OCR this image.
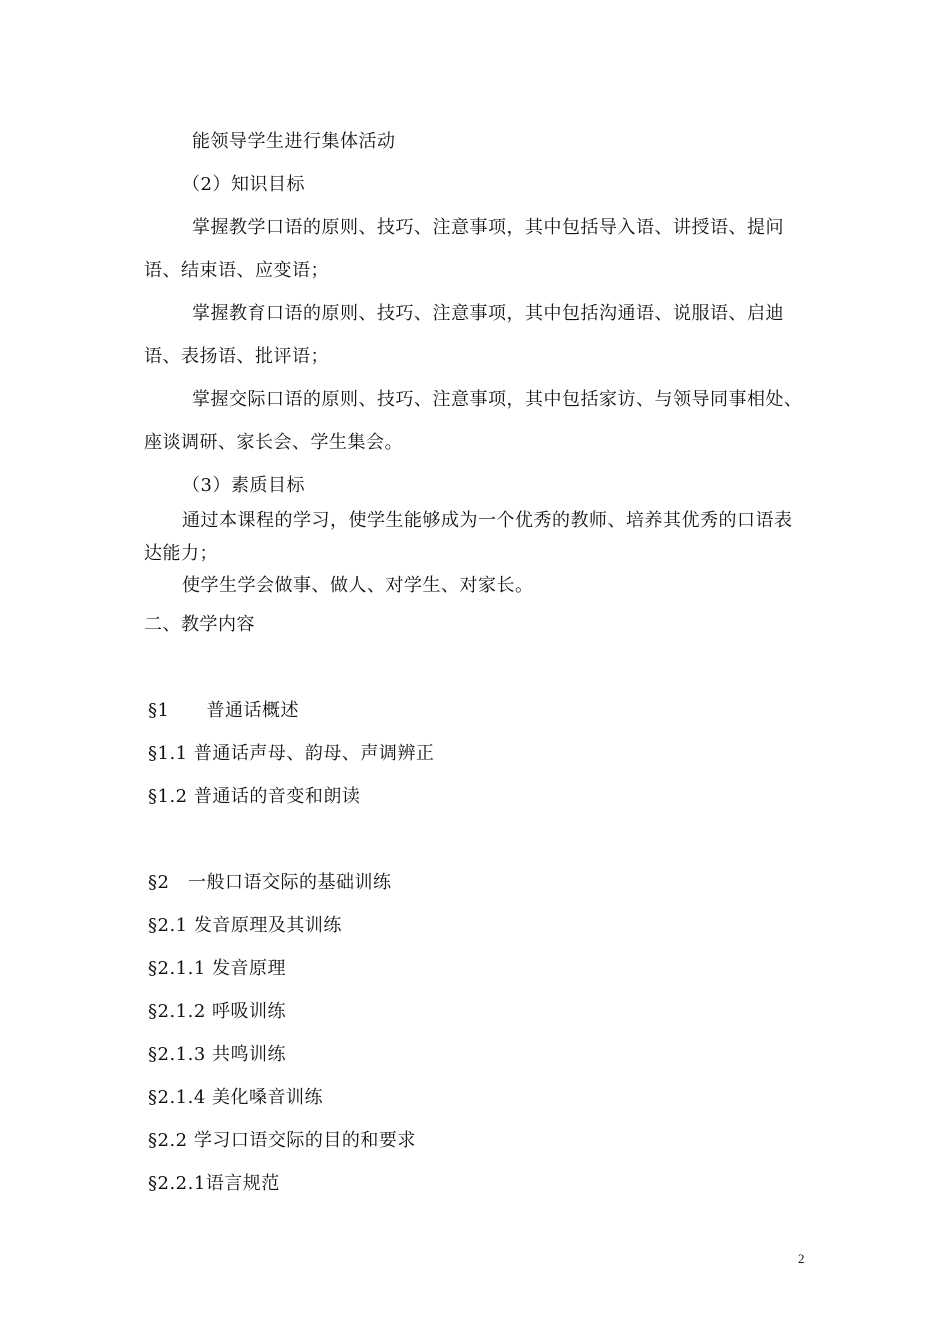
能领导学生进行集体活动
（2）知识目标
掌握教学口语的原则、技巧、注意事项，其中包括导入语、讲授语、提问
语、结束语、应变语；
掌握教育口语的原则、技巧、注意事项，其中包括沟通语、说服语、启迪
语、表扬语、批评语；
掌握交际口语的原则、技巧、注意事项，其中包括家访、与领导同事相处、
座谈调研、家长会、学生集会。
（3）素质目标
通过本课程的学习，使学生能够成为一个优秀的教师、培养其优秀的口语表
达能力；
使学生学会做事、做人、对学生、对家长。
二、教学内容
§1　　普通话概述
§1.1 普通话声母、韵母、声调辨正
§1.2 普通话的音变和朗读
§2　一般口语交际的基础训练
§2.1 发音原理及其训练
§2.1.1 发音原理
§2.1.2 呼吸训练
§2.1.3 共鸣训练
§2.1.4 美化嗓音训练
§2.2 学习口语交际的目的和要求
§2.2.1语言规范
2
